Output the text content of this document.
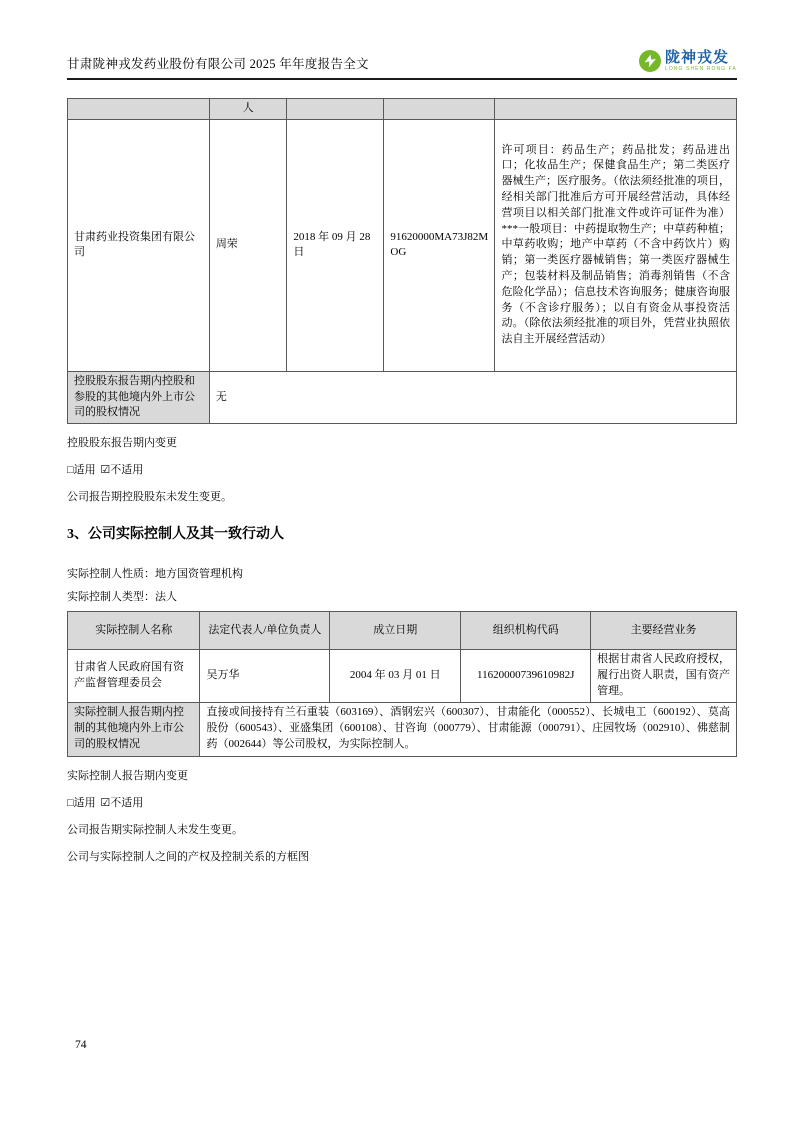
甘肃陇神戎发药业股份有限公司 2025 年年度报告全文	陇神戎发
LONG SHEN RONG FA
	人			
甘肃药业投资集团有限公司	周荣	2018 年 09 月 28 日	91620000MA73J82MOG	许可项目：药品生产；药品批发；药品进出口；化妆品生产；保健食品生产；第二类医疗器械生产；医疗服务。（依法须经批准的项目，经相关部门批准后方可开展经营活动，具体经营项目以相关部门批准文件或许可证件为准）***一般项目：中药提取物生产；中草药种植；中草药收购；地产中草药（不含中药饮片）购销；第一类医疗器械销售；第一类医疗器械生产；包装材料及制品销售；消毒剂销售（不含危险化学品）；信息技术咨询服务；健康咨询服务（不含诊疗服务）；以自有资金从事投资活动。（除依法须经批准的项目外，凭营业执照依法自主开展经营活动）
控股股东报告期内控股和参股的其他境内外上市公司的股权情况	无			
控股股东报告期内变更
□适用 ☑不适用
公司报告期控股股东未发生变更。
3、公司实际控制人及其一致行动人
实际控制人性质：地方国资管理机构
实际控制人类型：法人
实际控制人名称	法定代表人/单位负责人	成立日期	组织机构代码	主要经营业务
甘肃省人民政府国有资产监督管理委员会	吴万华	2004 年 03 月 01 日	11620000739610982J	根据甘肃省人民政府授权，履行出资人职责，国有资产管理。
实际控制人报告期内控制的其他境内外上市公司的股权情况	直接或间接持有兰石重装（603169）、酒钢宏兴（600307）、甘肃能化（000552）、长城电工（600192）、莫高股份（600543）、亚盛集团（600108）、甘咨询（000779）、甘肃能源（000791）、庄园牧场（002910）、佛慈制药（002644）等公司股权，为实际控制人。			
实际控制人报告期内变更
□适用 ☑不适用
公司报告期实际控制人未发生变更。
公司与实际控制人之间的产权及控制关系的方框图
74
